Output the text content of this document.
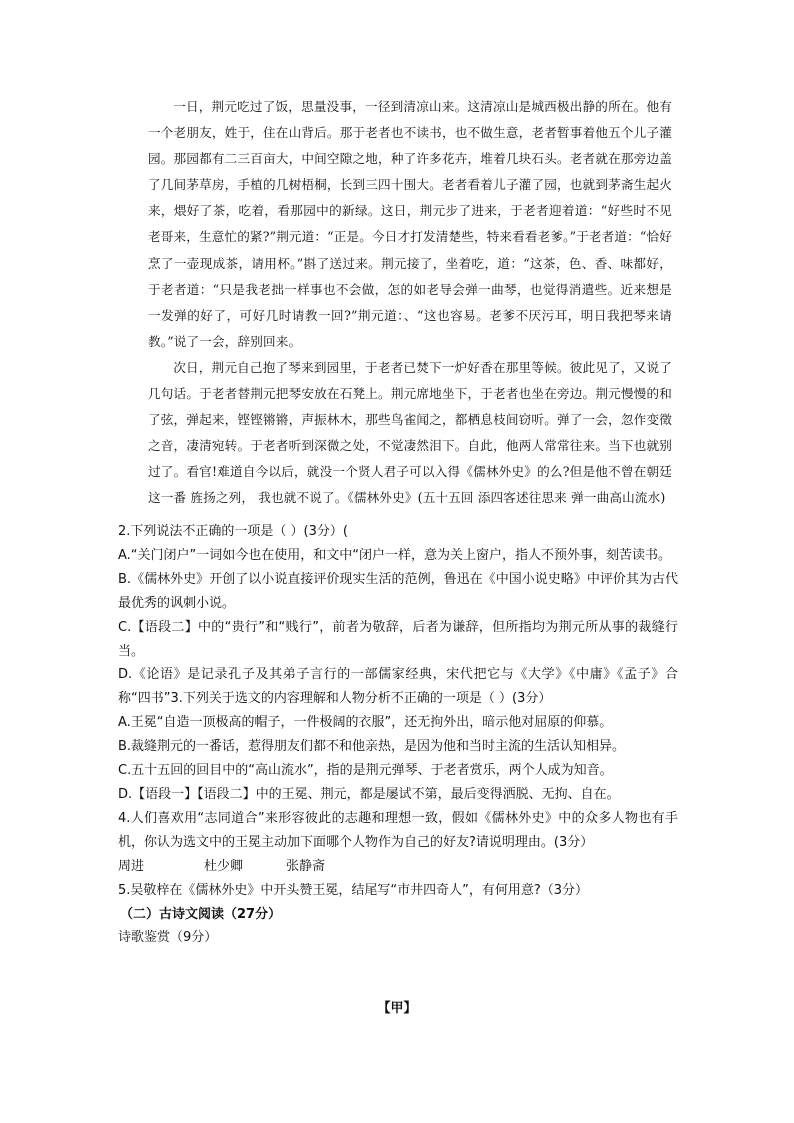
一日，荆元吃过了饭，思量没事，一径到清凉山来。这清凉山是城西极出静的所在。他有一个老朋友，姓于，住在山背后。那于老者也不读书，也不做生意，老者暂事着他五个儿子灌园。那园都有二三百亩大，中间空隙之地，种了许多花卉，堆着几块石头。老者就在那旁边盖了几间茅草房，手植的几树梧桐，长到三四十围大。老者看着儿子灌了园，也就到茅斋生起火来，煨好了茶，吃着，看那园中的新绿。这日，荆元步了进来，于老者迎着道：“好些时不见老哥来，生意忙的紧?”荆元道：“正是。今日才打发清楚些，特来看看老爹。”于老者道：“恰好烹了一壶现成茶，请用杯。”斟了送过来。荆元接了，坐着吃，道：“这茶，色、香、味都好，于老者道：“只是我老拙一样事也不会做，怎的如老导会弹一曲琴，也觉得消遣些。近来想是一发弹的好了，可好几时请教一回?”荆元道：、“这也容易。老爹不厌污耳，明日我把琴来请教。”说了一会，辞别回来。

次日，荆元自己抱了琴来到园里，于老者已焚下一炉好香在那里等候。彼此见了，又说了几句话。于老者替荆元把琴安放在石凳上。荆元席地坐下，于老者也坐在旁边。荆元慢慢的和了弦，弹起来，铿铿锵锵，声振林木，那些鸟雀闻之，都栖息枝间窃听。弹了一会，忽作变徵之音，凄清宛转。于老者听到深微之处，不觉凄然泪下。自此，他两人常常往来。当下也就别过了。看官!难道自今以后，就没一个贤人君子可以入得《儒林外史》的么?但是他不曾在朝廷这一番 旌扬之列， 我也就不说了。《儒林外史》(五十五回 添四客述往思来 弹一曲高山流水)

2.下列说法不正确的一项是（ ）(3分）(

A.“关门闭户”一词如今也在使用，和文中“闭户一样，意为关上窗户，指人不预外事，刻苦读书。

B.《儒林外史》开创了以小说直接评价现实生活的范例，鲁迅在《中国小说史略》中评价其为古代最优秀的讽刺小说。

C.【语段二】中的“贵行”和“贱行”，前者为敬辞，后者为谦辞，但所指均为荆元所从事的裁缝行当。

D.《论语》是记录孔子及其弟子言行的一部儒家经典，宋代把它与《大学》《中庸》《孟子》合称“四书”3.下列关于选文的内容理解和人物分析不正确的一项是（ ）(3分）

A.王冕“自造一顶极高的帽子，一件极阔的衣服”，还无拘外出，暗示他对屈原的仰慕。

B.裁缝荆元的一番话，惹得朋友们都不和他亲热，是因为他和当时主流的生活认知相异。

C.五十五回的回目中的“高山流水”，指的是荆元弹琴、于老者赏乐，两个人成为知音。

D.【语段一】【语段二】中的王冕、荆元，都是屡试不第，最后变得洒脱、无拘、自在。

4.人们喜欢用“志同道合”来形容彼此的志趣和理想一致，假如《儒林外史》中的众多人物也有手机，你认为选文中的王冕主动加下面哪个人物作为自己的好友?请说明理由。(3分）

周进	杜少卿	张静斋

5.吴敬梓在《儒林外史》中开头赞王冕，结尾写“市井四奇人”，有何用意?（3分）

（二）古诗文阅读（27分）

诗歌鉴赏（9分）

【甲】
